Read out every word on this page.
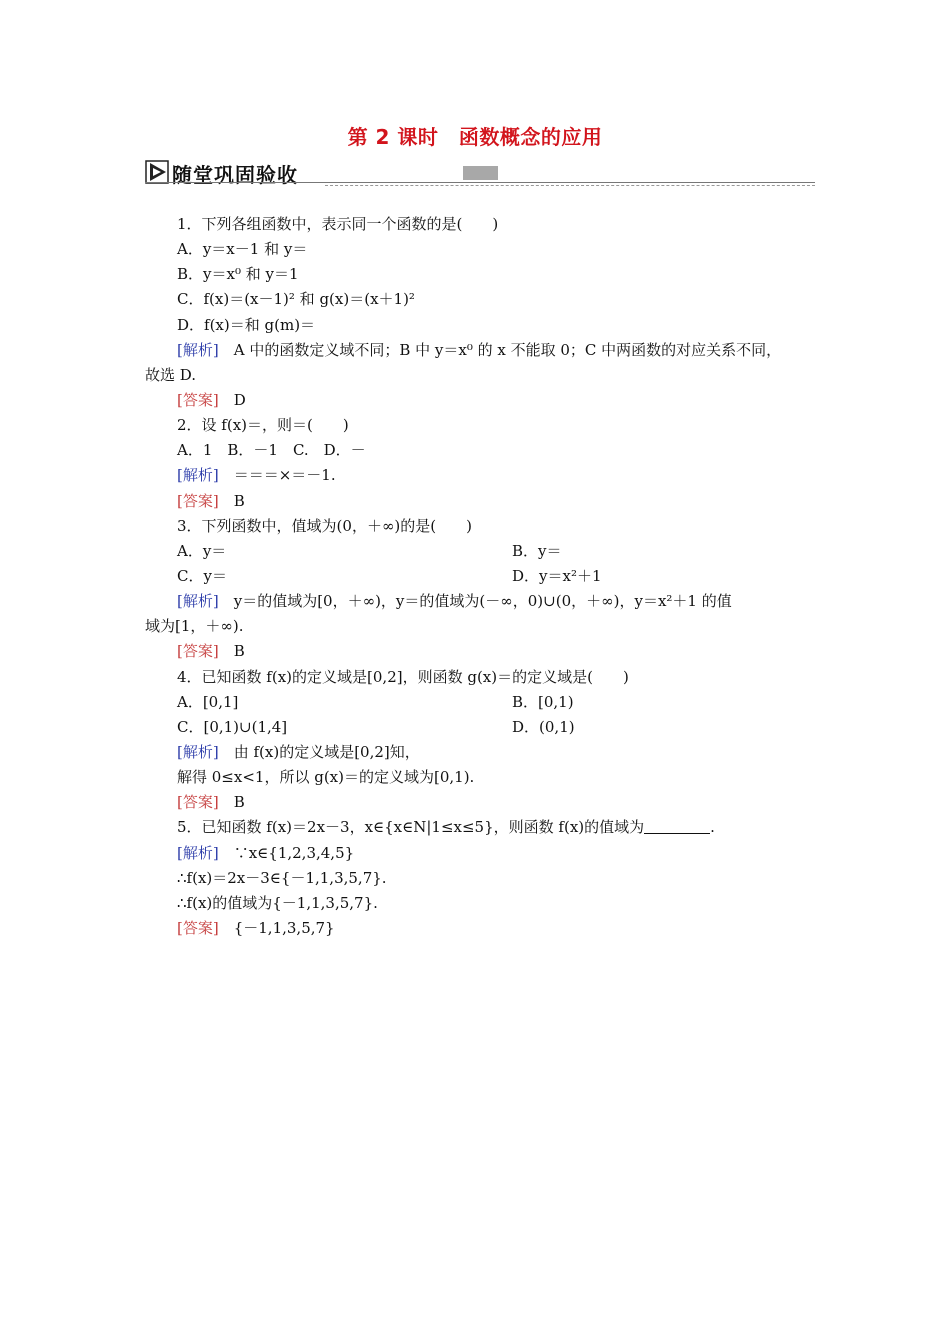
第 2 课时　函数概念的应用
随堂巩固验收
1．下列各组函数中，表示同一个函数的是(　　)
A．y＝x－1 和 y＝
B．y＝x⁰ 和 y＝1
C．f(x)＝(x－1)² 和 g(x)＝(x＋1)²
D．f(x)＝和 g(m)＝
[解析]　A 中的函数定义域不同；B 中 y＝x⁰ 的 x 不能取 0；C 中两函数的对应关系不同，
故选 D.
[答案]　D
2．设 f(x)＝，则＝(　　)
A．1　B．－1　C.　D．－
[解析]　＝＝＝×＝－1.
[答案]　B
3．下列函数中，值域为(0，＋∞)的是(　　)
A．y＝	B．y＝
C．y＝	D．y＝x²＋1
[解析]　y＝的值域为[0，＋∞)，y＝的值域为(－∞，0)∪(0，＋∞)，y＝x²＋1 的值
域为[1，＋∞).
[答案]　B
4．已知函数 f(x)的定义域是[0,2]，则函数 g(x)＝的定义域是(　　)
A．[0,1]	B．[0,1)
C．[0,1)∪(1,4]	D．(0,1)
[解析]　由 f(x)的定义域是[0,2]知，
解得 0≤x<1，所以 g(x)＝的定义域为[0,1).
[答案]　B
5．已知函数 f(x)＝2x－3，x∈{x∈N|1≤x≤5}，则函数 f(x)的值域为	.
[解析]　∵x∈{1,2,3,4,5}
∴f(x)＝2x－3∈{－1,1,3,5,7}.
∴f(x)的值域为{－1,1,3,5,7}.
[答案]　{－1,1,3,5,7}
